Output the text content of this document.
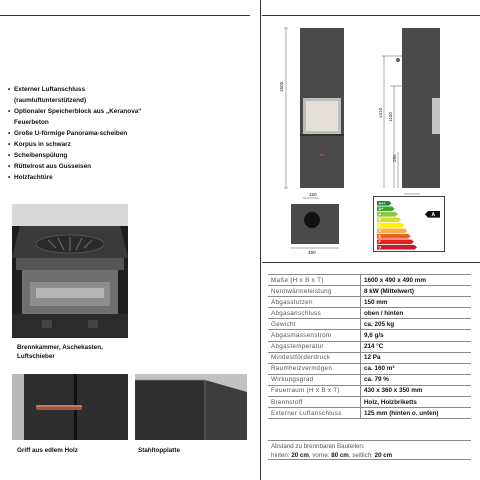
• Externer Luftanschluss (raumluftunterstützend)
• Optionaler Speicherblock aus „Keranova“ Feuerbeton
• Große U-förmige Panorama-scheiben
• Korpus in schwarz
• Scheibenspülung
• Rüttelrost aus Gusseisen
• Holzfachtüre
Brennkammer, Aschekasten, Luftschieber
Griff aus edlem Holz	Stahltopplatte
1600
1410 1100
295
150
490
A++
A+
A
B
C
D
E
F
G
A
Maße (H x B x T)	1600 x 490 x 490 mm
Nennwärmeleistung	8 kW (Mittelwert)
Abgasstutzen	150 mm
Abgasanschluss	oben / hinten
Gewicht	ca. 205 kg
Abgasmassenstrom	9,6 g/s
Abgastemperatur	214 °C
Mindestförderdruck	12 Pa
Raumheizvermögen	ca. 160 m³
Wirkungsgrad	ca. 79 %
Feuerraum (H x B x T)	430 x 360 x 350 mm
Brennstoff	Holz, Holzbriketts
Externer Luftanschluss	125 mm (hinten o. unten)
Abstand zu brennbaren Bauteilen:
hinten: 20 cm, vorne: 80 cm, seitlich: 20 cm
